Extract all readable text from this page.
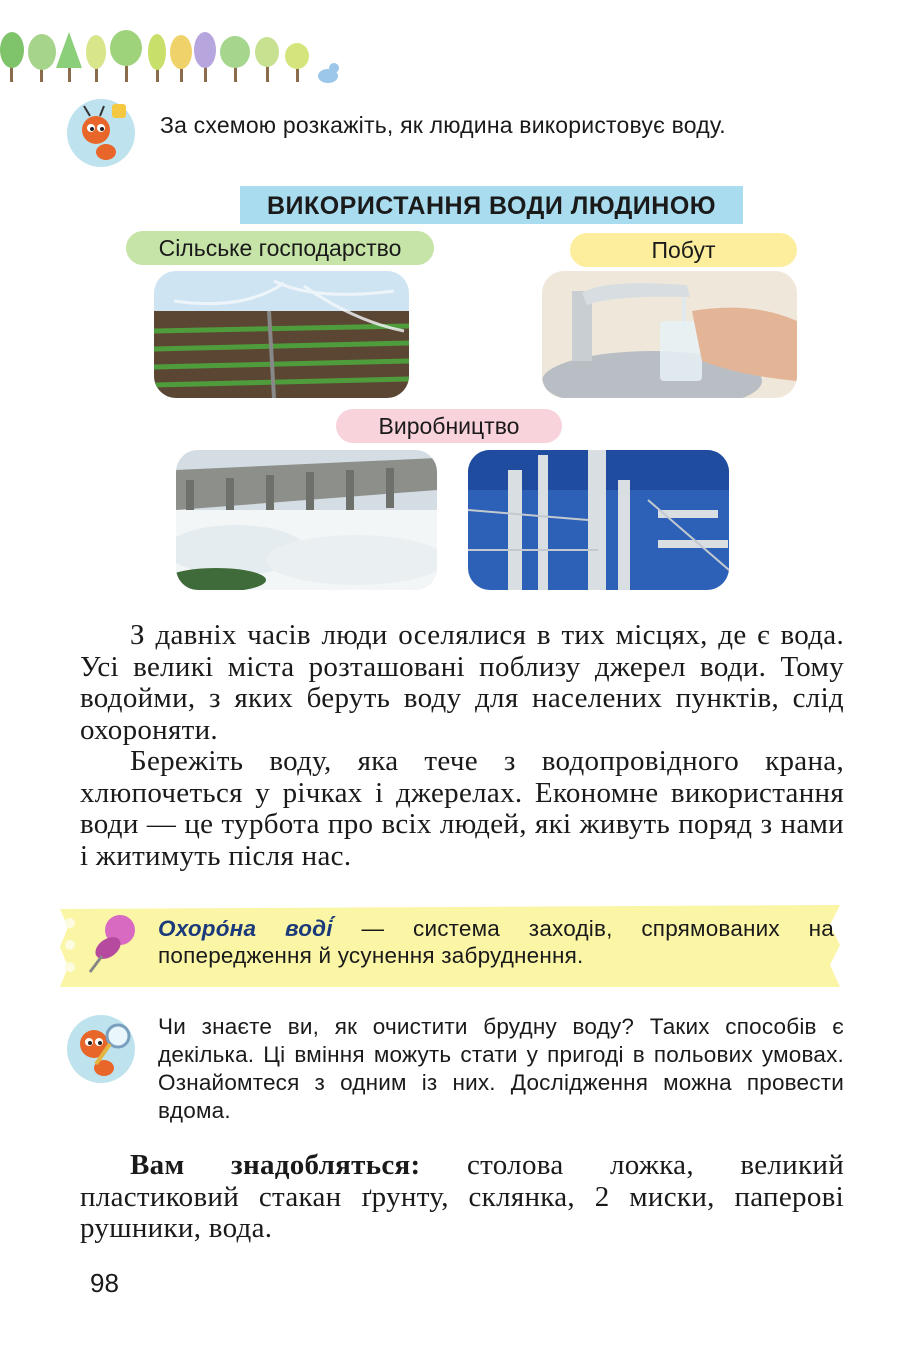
За схемою розкажіть, як людина використовує воду.
ВИКОРИСТАННЯ ВОДИ ЛЮДИНОЮ
Сільське господарство	Побут
Виробництво

З давніх часів люди оселялися в тих місцях, де є вода. Усі великі міста розташовані поблизу джерел води. Тому водойми, з яких беруть воду для населених пунктів, слід охороняти.

Бережіть воду, яка тече з водопровідного крана, хлюпочеться у річках і джерелах. Економне використання води — це турбота про всіх людей, які живуть поряд з нами і житимуть після нас.

Охоро́на воді́ — система заходів, спрямованих на попередження й усунення забруднення.
Чи знаєте ви, як очистити брудну воду? Таких способів є декілька. Ці вміння можуть стати у пригоді в польових умовах. Ознайомтеся з одним із них. Дослідження можна провести вдома.

Вам знадобляться: столова ложка, великий пластиковий стакан ґрунту, склянка, 2 миски, паперові рушники, вода.

98
